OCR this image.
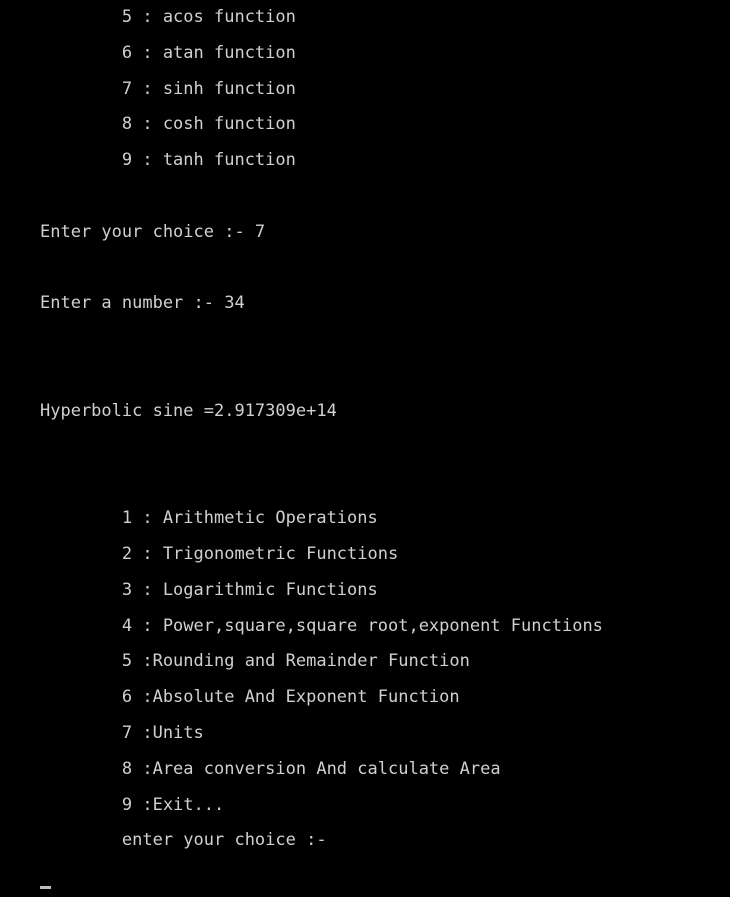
5 : acos function
6 : atan function
7 : sinh function
8 : cosh function
9 : tanh function
Enter your choice :- 7
Enter a number :- 34
Hyperbolic sine =2.917309e+14
1 : Arithmetic Operations
2 : Trigonometric Functions
3 : Logarithmic Functions
4 : Power,square,square root,exponent Functions
5 :Rounding and Remainder Function
6 :Absolute And Exponent Function
7 :Units
8 :Area conversion And calculate Area
9 :Exit...
enter your choice :-
